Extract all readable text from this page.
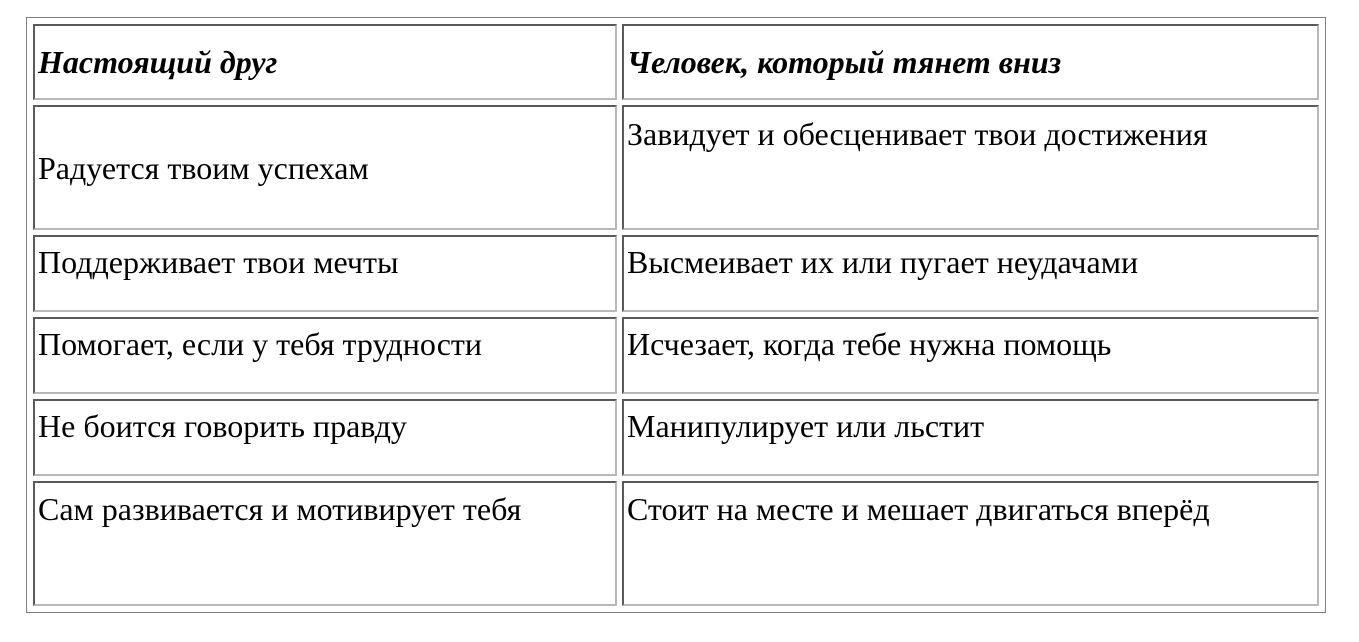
Настоящий друг	Человек, который тянет вниз
Радуется твоим успехам	Завидует и обесценивает твои достижения
Поддерживает твои мечты	Высмеивает их или пугает неудачами
Помогает, если у тебя трудности	Исчезает, когда тебе нужна помощь
Не боится говорить правду	Манипулирует или льстит
Сам развивается и мотивирует тебя	Стоит на месте и мешает двигаться вперёд
